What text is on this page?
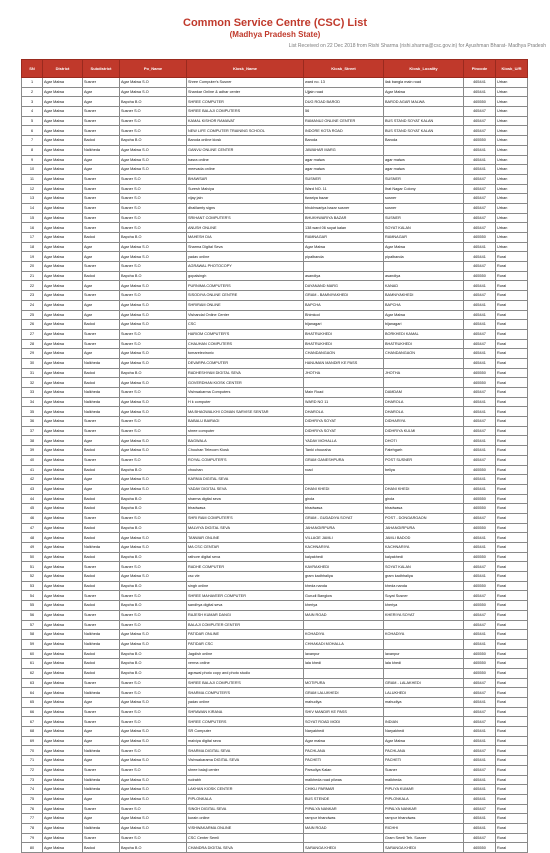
Common Service Centre (CSC) List
(Madhya Pradesh State)
List Received on 22 Dec 2018 from Rishi Sharma (rishi.sharma@csc.gov.in) for Ayushman Bharat- Madhya Pradesh
SN	District	Subdistrict	Po_Name	Kiosk_Name	Kiosk_Street	Kiosk_Locality	Pincode	Kiosk_U/R
1	Agar Malwa	Susner	Agar Malwa S.O	Shree Computer's Susner	ward no. 13	ilak bangla main road	465441	Urban
2	Agar Malwa	Agar	Agar Malwa S.O	Shankar Online & adhar center	Ujjain road	Agar Malwa	465441	Urban
3	Agar Malwa	Agar	Bapcha B.O	SHREE COMPUTER	DUG ROAD BAROD	BAROD AGAR MALWA	465550	Urban
4	Agar Malwa	Susner	Susner S.O	SHREE BALAJI COMPUTERS	56		465447	Urban
5	Agar Malwa	Susner	Susner S.O	KAMAL KISHOR RAMAVAT	RAMANUJ ONLINE CENTER	BUS STAND SOYAT KALAN	465447	Urban
6	Agar Malwa	Susner	Susner S.O	NEW LIFE COMPUTER TRAINING SCHOOL	INDORE KOTA ROAD	BUS STAND SOYAT KALAN	465447	Urban
7	Agar Malwa	Badod	Bapcha B.O	Baroda online kiosk	Baroda	Baroda	465550	Urban
8	Agar Malwa	Nalkheda	Agar Malwa S.O	GANVU ONLINE CENTER	JAWAHAR MARG		465441	Urban
9	Agar Malwa	Agar	Agar Malwa S.O	basra online	agar malwa	agar malwa	465441	Urban
10	Agar Malwa	Agar	Agar Malwa S.O	meevada online	agar malwa	agar malwa	465441	Urban
11	Agar Malwa	Susner	Susner S.O	BHAWSAR	SUSNER	SUSNER	465447	Urban
12	Agar Malwa	Susner	Susner S.O	Suresh Malviya	Ward NO. 11	Ihat Nagar Colony	465447	Urban
13	Agar Malwa	Susner	Susner S.O	vijay jain	tiwariya bazar	susner	465447	Urban
14	Agar Malwa	Susner	Susner S.O	dhaiilamty signs	bhukhwariya bazar susner	susner	465447	Urban
15	Agar Malwa	Susner	Susner S.O	SRIHANT COMPUTER'S	BHUKHWARIYA BAZAR	SUSNER	465447	Urban
16	Agar Malwa	Susner	Susner S.O	ANUSH ONLINE	138 ward 06 soyat kalan	SOYAT KALAN	465447	Urban
17	Agar Malwa	Badod	Bapcha B.O	MAHESH DIA	RAMNAGAR	RAMNAGAR	465550	Urban
18	Agar Malwa	Agar	Agar Malwa S.O	Sharma Digital Seva	Agar Malwa	Agar Malwa	465441	Urban
19	Agar Malwa	Agar	Agar Malwa S.O	yadav online	pipalbanda	pipalbanda	465441	Rural
20	Agar Malwa	Susner	Susner S.O	AGRAWAL PHOTOCOPY			465447	Rural
21	Agar Malwa	Badod	Bapcha B.O	gopalsingh	asandiya	asandiya	465550	Rural
22	Agar Malwa	Agar	Agar Malwa S.O	PURNIMA COMPUTERS	DAYANAND MARG	KANAD	465441	Rural
23	Agar Malwa	Susner	Susner S.O	SISODIYA ONLINE CENTRE	GRAM - BAMNIYAKHEDI	BAMNIYAKHEDI	465447	Rural
24	Agar Malwa	Agar	Agar Malwa S.O	SHRIRAM ONLINE	BAPCHA	BAPCHA	465441	Rural
25	Agar Malwa	Agar	Agar Malwa S.O	Vishandal Online Center	Bhimkod	Agar Malwa	465441	Rural
26	Agar Malwa	Badod	Agar Malwa S.O	CSC	bijanagari	bijanagari	465441	Rural
27	Agar Malwa	Susner	Susner S.O	HARIOM COMPUTER'S	BHATRUKHEDI	BORKHEDI KAMAL	465447	Rural
28	Agar Malwa	Susner	Susner S.O	CHAUHAN COMPUTERS	BHATRUKHEDI	BHATRUKHEDI	465447	Rural
29	Agar Malwa	Agar	Agar Malwa S.O	tomarelectronic	CHANDANGAON	CHANDANGAON	465441	Rural
30	Agar Malwa	Nalkheda	Agar Malwa S.O	DEVARPA COMPUTER	HANUMAN MANDIR KE PASS		465441	Rural
31	Agar Malwa	Badod	Bapcha B.O	RADHESHYAM DIGITAL SEVA	JHOTHA	JHOTHA	465550	Rural
32	Agar Malwa	Badod	Agar Malwa S.O	GOVERDHAN KIOSK CENTER			465550	Rural
33	Agar Malwa	Nalkheda	Susner S.O	Vishwakarma Computers	Main Road	DAMDAM	465447	Rural
34	Agar Malwa	Nalkheda	Agar Malwa S.O	H k computer	WARD NO 11	DHAROLA	465441	Rural
35	Agar Malwa	Nalkheda	Agar Malwa S.O	MA BHAGWALKHI COMAN SARVISE SENTAR	DHAROLA	DHAROLA	465441	Rural
36	Agar Malwa	Susner	Susner S.O	BABALU BAIRAGI	DIDHRIYA SOYAT	DIDHARIYA	465447	Rural
37	Agar Malwa	Susner	Susner S.O	shree computer	DIDHRIYA SOYAT	DIDHRIYA KULMI	465447	Rural
38	Agar Malwa	Agar	Agar Malwa S.O	BAGWALA	YADAV MOHALLA	DHOTI	465441	Rural
39	Agar Malwa	Badod	Agar Malwa S.O	Chouhan Telecom Kiosk	Tanki chouraha	Fatehgarh	465441	Rural
40	Agar Malwa	Susner	Susner S.O	ROYAL COMPUTER'S	GRAM GANESHPURA	POST SUSNER	465447	Rural
41	Agar Malwa	Badod	Bapcha B.O	chouhan	road	beliya	465550	Rural
42	Agar Malwa	Agar	Agar Malwa S.O	KARNIA DIGITAL SEVA			465441	Rural
43	Agar Malwa	Agar	Agar Malwa S.O	YADAV DIGITAL SEVA	DHANI KHEDI	DHANI KHEDI	465441	Rural
44	Agar Malwa	Badod	Bapcha B.O	sharma digital seva	girola	girola	465550	Rural
45	Agar Malwa	Badod	Bapcha B.O	bhadwasa	bhadwasa	bhadwasa	465550	Rural
46	Agar Malwa	Susner	Susner S.O	SHRI RAM COMPUTER'S	GRAM - GUDADIYA SOYAT	POST - DONGARGAON	465447	Rural
47	Agar Malwa	Badod	Bapcha B.O	MALVIYA DIGITAL SEVA	JAHANGIRPURA	JAHANGIRPURA	465550	Rural
48	Agar Malwa	Badod	Agar Malwa S.O	TANWAR ONLINE	VILLAGE JAMLI	JAMLI BADOD	465441	Rural
49	Agar Malwa	Nalkheda	Agar Malwa S.O	MA CSC CENTAR	KACHNARIYA	KACHNARIYA	465441	Rural
50	Agar Malwa	Badod	Bapcha B.O	rathore digital seva	kalyakhedi	kalyakhedi	465550	Rural
51	Agar Malwa	Susner	Susner S.O	RADHE COMPUTER	KAVRAKHEDI	SOYAT KALAN	465447	Rural
52	Agar Malwa	Badod	Agar Malwa S.O	csc vle	gram kadhhaliya	gram kadhhaliya	465441	Rural
53	Agar Malwa	Badod	Bapcha B.O	singh online	kheda nanda	kheda nanda	465550	Rural
54	Agar Malwa	Susner	Susner S.O	SHREE MAHAVEER COMPUTER	Gurudi Banglow	Soyat Susner	465447	Rural
55	Agar Malwa	Badod	Bapcha B.O	sandhya digital seva	kheriya	kheriya	465550	Rural
56	Agar Malwa	Susner	Susner S.O	RAJESH KUMAR DANGI	MAIN ROAD	KHERIYA SOYAT	465447	Rural
57	Agar Malwa	Susner	Susner S.O	BALAJI COMPUTER CENTER			465447	Rural
58	Agar Malwa	Nalkheda	Agar Malwa S.O	PATIDAR ONLINE	KOHADIYA	KOHADIYA	465441	Rural
59	Agar Malwa	Nalkheda	Agar Malwa S.O	PATIDAR CSC	CHHAKADI MOHALLA		465441	Rural
60	Agar Malwa	Badod	Bapcha B.O	Jagdish online	laxanpur	laxanpur	465550	Rural
61	Agar Malwa	Badod	Bapcha B.O	verma online	lala khedi	lala khedi	465550	Rural
62	Agar Malwa	Badod	Bapcha B.O	agrawal photo copy and photo studio			465550	Rural
63	Agar Malwa	Susner	Susner S.O	SHREE BALAJI COMPUTER'S	MOTIPURA	GRAM - LALAKHEDI	465447	Rural
64	Agar Malwa	Nalkheda	Susner S.O	SHARMA COMPUTER'S	GRAM LALUKHEDI	LALUKHEDI	465447	Rural
65	Agar Malwa	Agar	Agar Malwa S.O	yadav online	mahudiya	mahudiya	465441	Rural
66	Agar Malwa	Susner	Susner S.O	SHRAWAN KIRANA	SHIV MANDIR KE PASS		465447	Rural
67	Agar Malwa	Susner	Susner S.O	SHREE COMPUTERS	SOYAT ROAD MODI	INDIAN	465447	Rural
68	Agar Malwa	Agar	Agar Malwa S.O	SR Computer	Naryakhedi	Naryakhedi	465441	Rural
69	Agar Malwa	Agar	Agar Malwa S.O	malviya digital seva	Agar malwa	Agar Malwa	465441	Rural
70	Agar Malwa	Nalkheda	Susner S.O	SHARMA DIGITAL SEVA	PACHLANA	PACHLANA	465447	Rural
71	Agar Malwa	Agar	Agar Malwa S.O	Vishwakarama DIGITAL SEVA	PACHETI	PACHETI	465441	Rural
72	Agar Malwa	Susner	Susner S.O	shree balaji center	Parsuliya Kalan	Susner	465447	Rural
73	Agar Malwa	Nalkheda	Agar Malwa S.O	rudrabh	malkheda road pilwas	malkheda	465441	Rural
74	Agar Malwa	Nalkheda	Agar Malwa S.O	LAKHAN KIOSK CENTER	CHIKLI PARMAR	PIPLIYA KUMAR	465441	Rural
75	Agar Malwa	Agar	Agar Malwa S.O	PIPLONKALA	BUS STENDE	PIPLONKALA	465441	Rural
76	Agar Malwa	Susner	Susner S.O	SINGH DIGITAL SEVA	PIPALYA NANKAR	PIPALYA NANKAR	465447	Rural
77	Agar Malwa	Agar	Agar Malwa S.O	kurain online	rampur bhandwas	rampur bhandwas	465441	Rural
78	Agar Malwa	Nalkheda	Agar Malwa S.O	VISHWAKARMA ONLINE	MAIN ROAD	RICHHI	465441	Rural
79	Agar Malwa	Susner	Susner S.O	CSC Center Semli		Gram Semli Teh. Susner	465447	Rural
80	Agar Malwa	Badod	Bapcha B.O	CHANDRA DIGITAL SEVA	SARANGA KHEDI	SARANGA KHEDI	465550	Rural
